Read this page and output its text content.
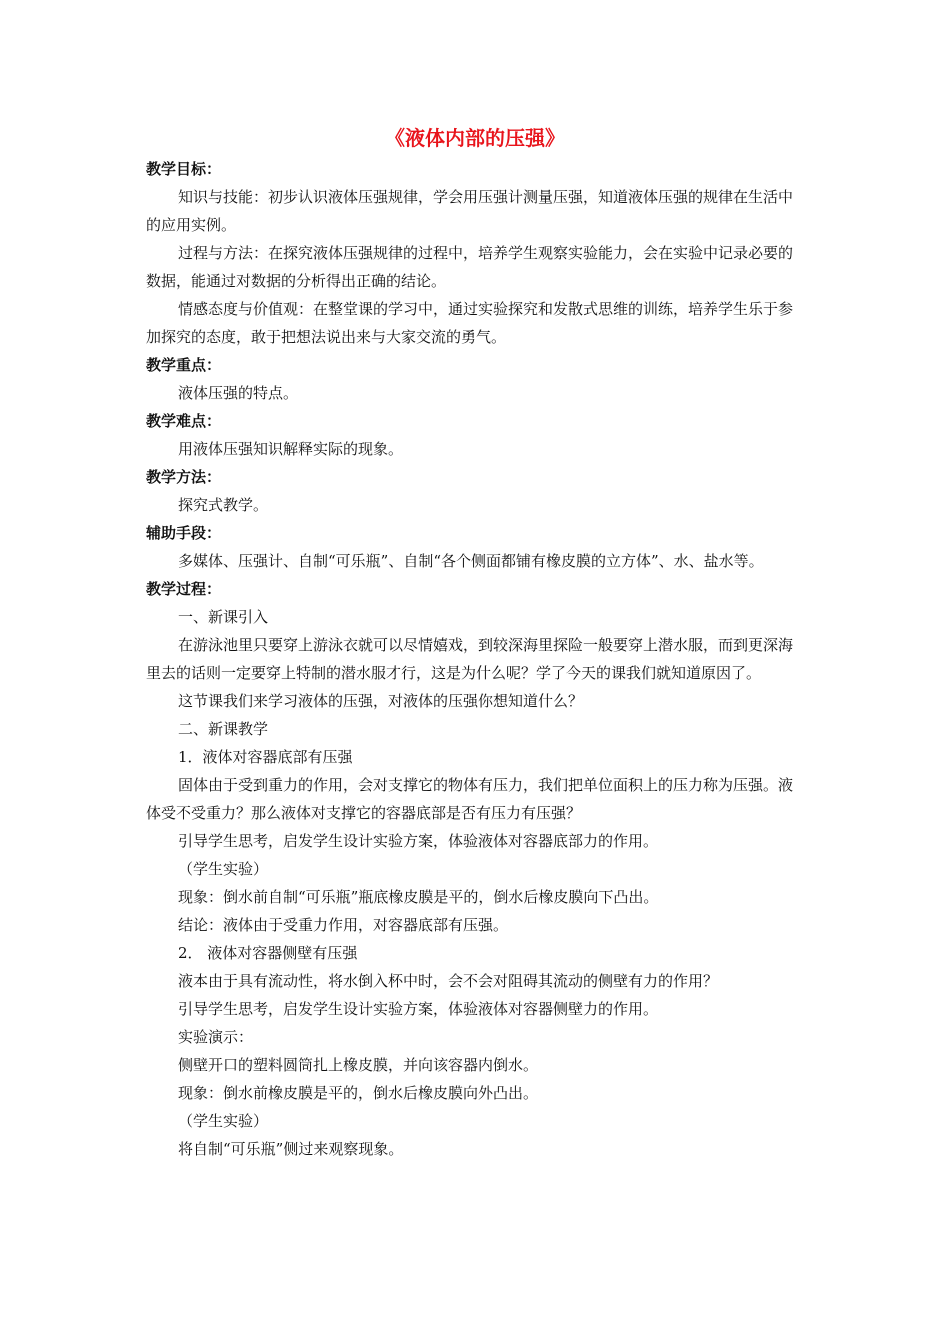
《液体内部的压强》

教学目标：

知识与技能：初步认识液体压强规律，学会用压强计测量压强，知道液体压强的规律在生活中的应用实例。

过程与方法：在探究液体压强规律的过程中，培养学生观察实验能力，会在实验中记录必要的数据，能通过对数据的分析得出正确的结论。

情感态度与价值观：在整堂课的学习中，通过实验探究和发散式思维的训练，培养学生乐于参加探究的态度，敢于把想法说出来与大家交流的勇气。

教学重点：

液体压强的特点。

教学难点：

用液体压强知识解释实际的现象。

教学方法：

探究式教学。

辅助手段：

多媒体、压强计、自制“可乐瓶”、自制“各个侧面都铺有橡皮膜的立方体”、水、盐水等。

教学过程：

一、新课引入

在游泳池里只要穿上游泳衣就可以尽情嬉戏，到较深海里探险一般要穿上潜水服，而到更深海里去的话则一定要穿上特制的潜水服才行，这是为什么呢？学了今天的课我们就知道原因了。

这节课我们来学习液体的压强，对液体的压强你想知道什么？

二、新课教学

1．液体对容器底部有压强

固体由于受到重力的作用，会对支撑它的物体有压力，我们把单位面积上的压力称为压强。液体受不受重力？那么液体对支撑它的容器底部是否有压力有压强？

引导学生思考，启发学生设计实验方案，体验液体对容器底部力的作用。

（学生实验）

现象：倒水前自制“可乐瓶”瓶底橡皮膜是平的，倒水后橡皮膜向下凸出。

结论：液体由于受重力作用，对容器底部有压强。

2． 液体对容器侧壁有压强

液本由于具有流动性，将水倒入杯中时，会不会对阻碍其流动的侧壁有力的作用？

引导学生思考，启发学生设计实验方案，体验液体对容器侧壁力的作用。

实验演示：

侧壁开口的塑料圆筒扎上橡皮膜，并向该容器内倒水。

现象：倒水前橡皮膜是平的，倒水后橡皮膜向外凸出。

（学生实验）

将自制“可乐瓶”侧过来观察现象。
